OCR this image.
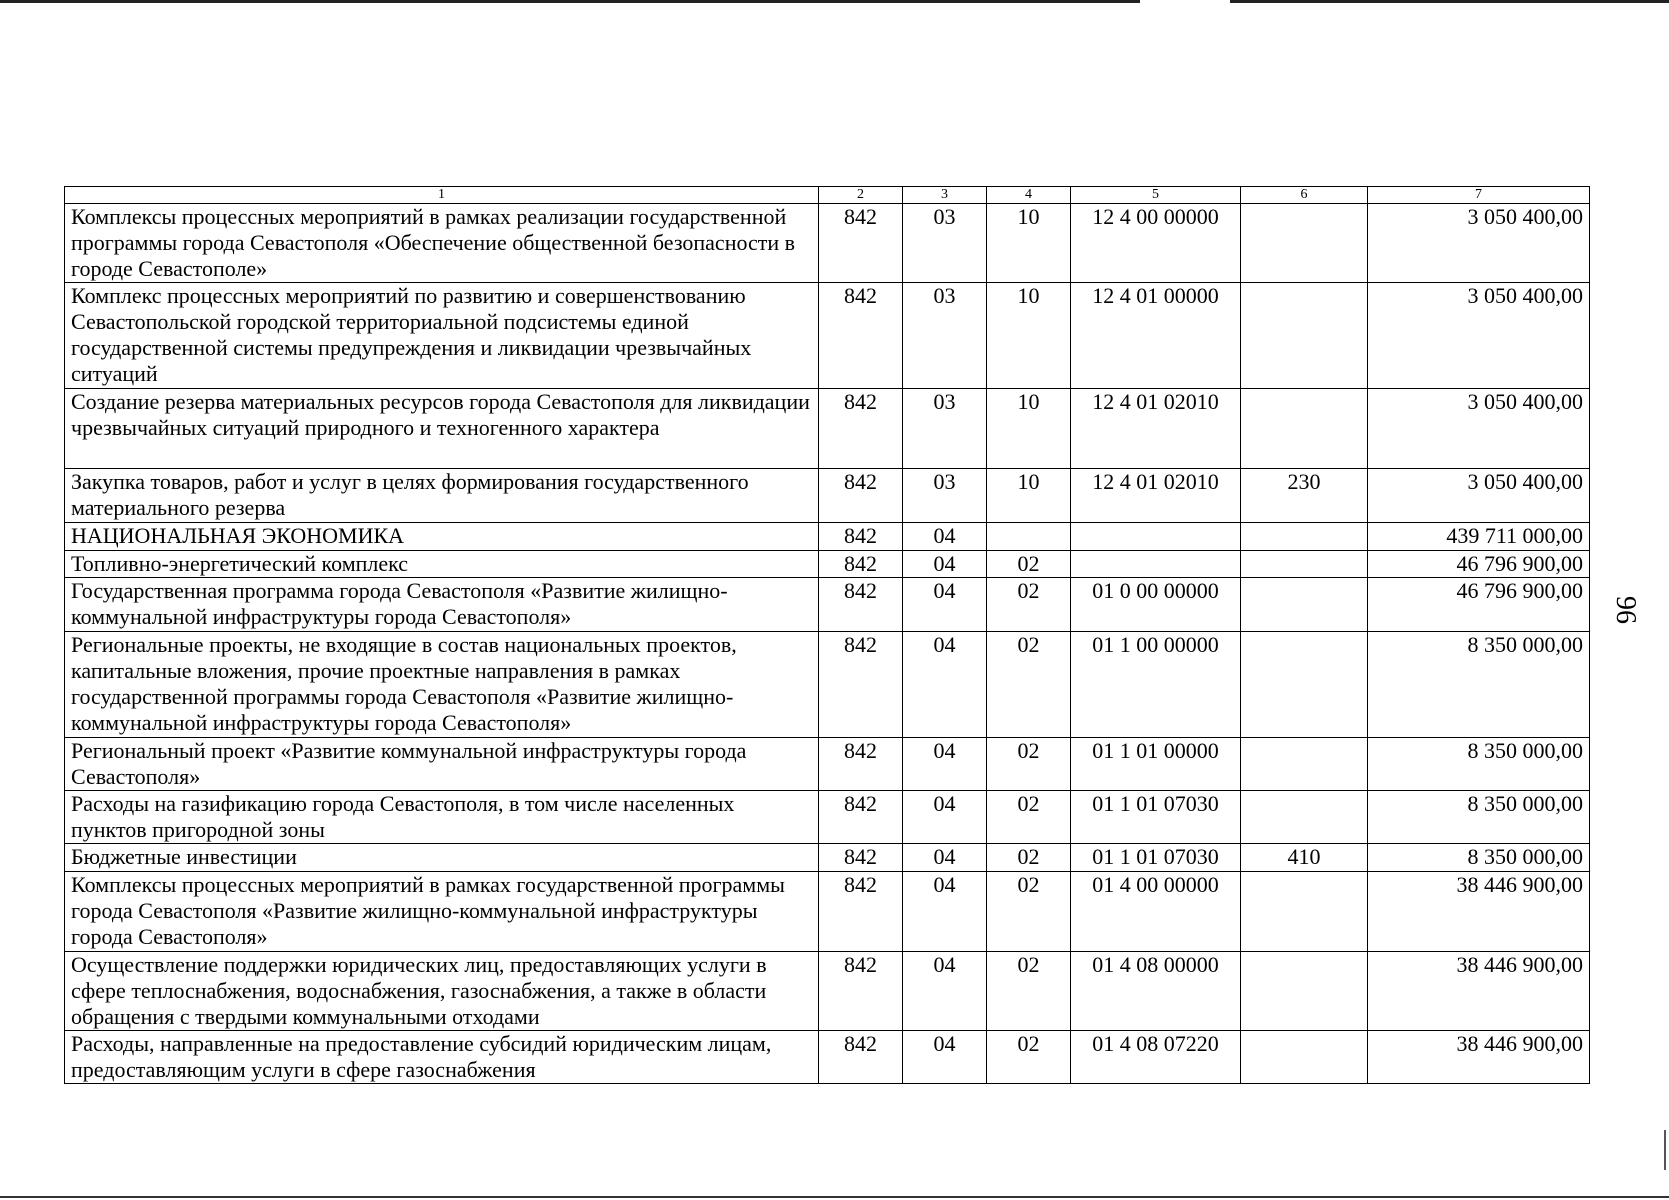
96
1	2	3	4	5	6	7
Комплексы процессных мероприятий в рамках реализации государственной программы города Севастополя «Обеспечение общественной безопасности в городе Севастополе»	842	03	10	12 4 00 00000		3 050 400,00
Комплекс процессных мероприятий по развитию и совершенствованию Севастопольской городской территориальной подсистемы единой государственной системы предупреждения и ликвидации чрезвычайных ситуаций	842	03	10	12 4 01 00000		3 050 400,00
Создание резерва материальных ресурсов города Севастополя для ликвидации чрезвычайных ситуаций природного и техногенного характера	842	03	10	12 4 01 02010		3 050 400,00
Закупка товаров, работ и услуг в целях формирования государственного материального резерва	842	03	10	12 4 01 02010	230	3 050 400,00
НАЦИОНАЛЬНАЯ ЭКОНОМИКА	842	04				439 711 000,00
Топливно-энергетический комплекс	842	04	02			46 796 900,00
Государственная программа города Севастополя «Развитие жилищно-коммунальной инфраструктуры города Севастополя»	842	04	02	01 0 00 00000		46 796 900,00
Региональные проекты, не входящие в состав национальных проектов, капитальные вложения, прочие проектные направления в рамках государственной программы города Севастополя «Развитие жилищно-коммунальной инфраструктуры города Севастополя»	842	04	02	01 1 00 00000		8 350 000,00
Региональный проект «Развитие коммунальной инфраструктуры города Севастополя»	842	04	02	01 1 01 00000		8 350 000,00
Расходы на газификацию города Севастополя, в том числе населенных пунктов пригородной зоны	842	04	02	01 1 01 07030		8 350 000,00
Бюджетные инвестиции	842	04	02	01 1 01 07030	410	8 350 000,00
Комплексы процессных мероприятий в рамках государственной программы города Севастополя «Развитие жилищно-коммунальной инфраструктуры города Севастополя»	842	04	02	01 4 00 00000		38 446 900,00
Осуществление поддержки юридических лиц, предоставляющих услуги в сфере теплоснабжения, водоснабжения, газоснабжения, а также в области обращения с твердыми коммунальными отходами	842	04	02	01 4 08 00000		38 446 900,00
Расходы, направленные на предоставление субсидий юридическим лицам, предоставляющим услуги в сфере газоснабжения	842	04	02	01 4 08 07220		38 446 900,00
